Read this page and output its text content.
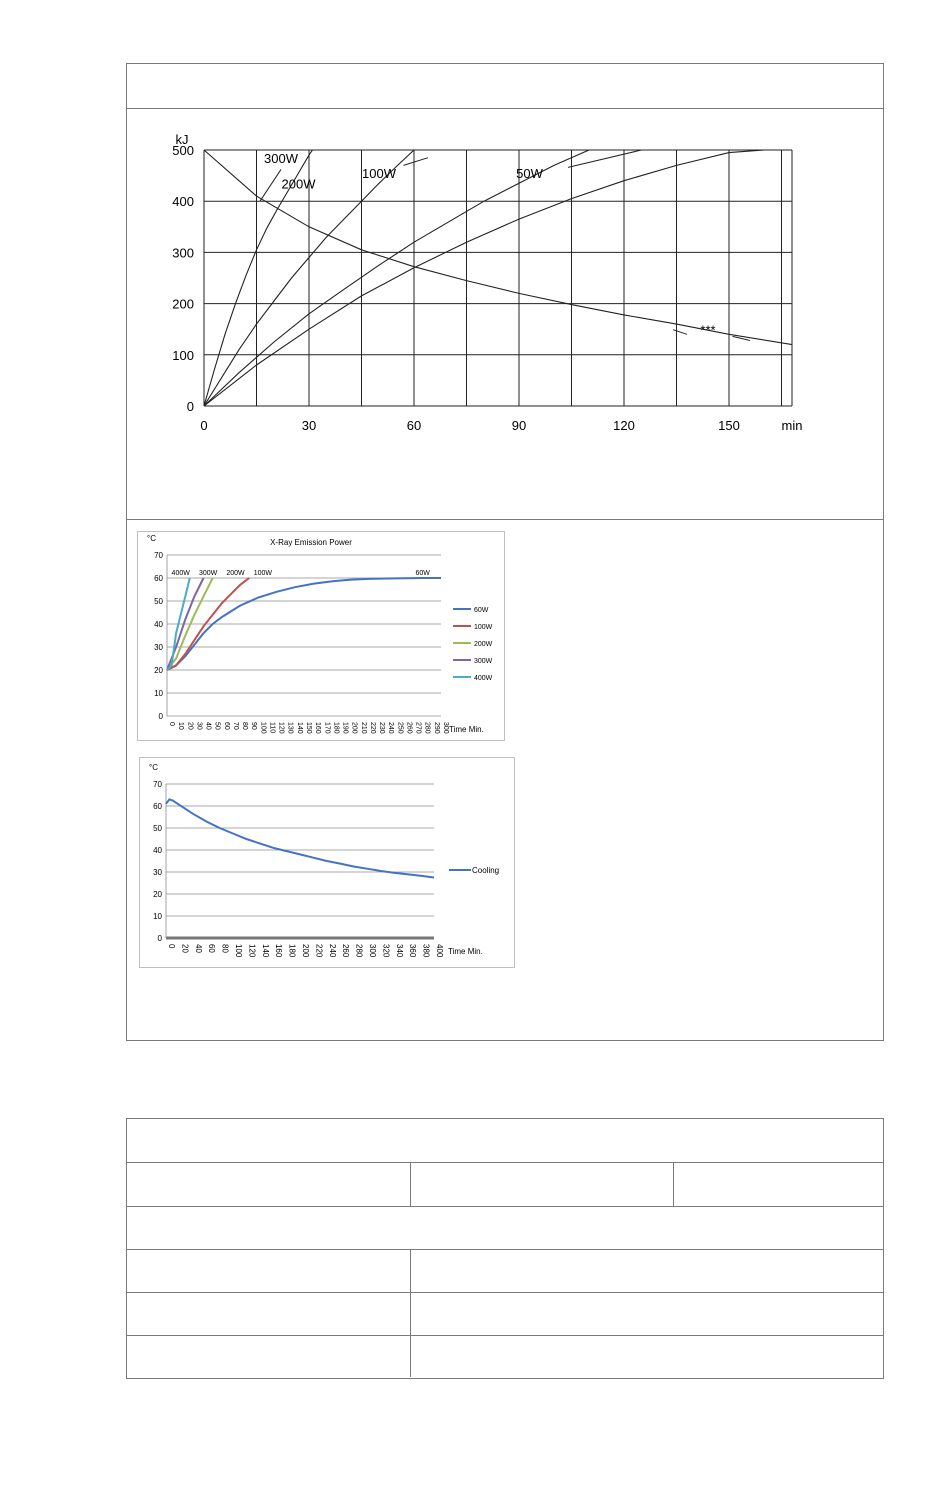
0
100
200
300
400
500
0	30	60	90	120	150	min
kJ
300W
200W
100W	50W
***
°C	X-Ray Emission Power
0
10
20
30
40
50
60
70
0 10 20 30 40 50 60 70 80 90 100 110 120 130 140 150 160 170 180 190 200 210 220 230 240 250 260 270 280 290 300 Time Min.
400W 300W 200W 100W	60W
60W
100W
200W
300W
400W
°C
0
10
20
30
40
50
60
70
0 20 40 60 80 100 120 140 160 180 200 220 240 260 280 300 320 340 360 380 400 Time Min.
Cooling
